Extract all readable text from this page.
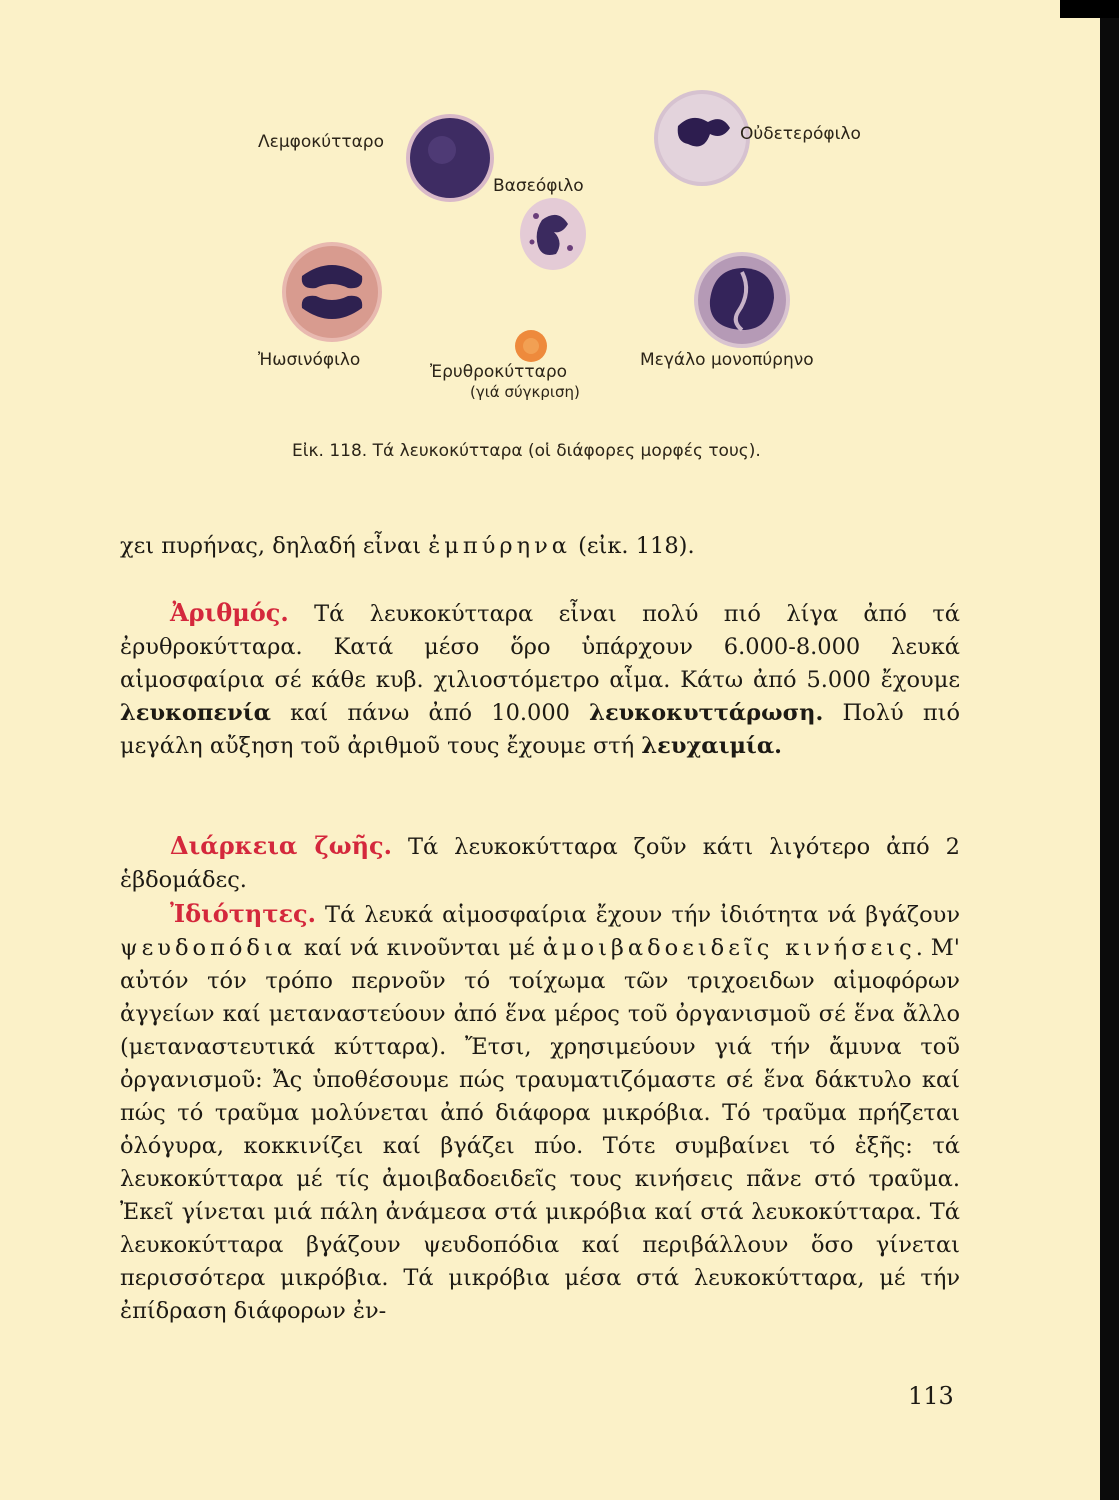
Λεμφοκύτταρο	Οὐδετερόφιλο
Βασεόφιλο
Ἠωσινόφιλο
Ἐρυθροκύτταρο
(γιά σύγκριση)
Μεγάλο μονοπύρηνο
Εἰκ. 118. Τά λευκοκύτταρα (οἱ διάφορες μορφές τους).

χει πυρήνας, δηλαδή εἶναι ἐμπύρηνα (εἰκ. 118).

Ἀριθμός. Τά λευκοκύτταρα εἶναι πολύ πιό λίγα ἀπό τά ἐρυθροκύτταρα. Κατά μέσο ὅρο ὑπάρχουν 6.000-8.000 λευκά αἱμοσφαίρια σέ κάθε κυβ. χιλιοστόμετρο αἷμα. Κάτω ἀπό 5.000 ἔχουμε λευκοπενία καί πάνω ἀπό 10.000 λευκοκυττάρωση. Πολύ πιό μεγάλη αὔξηση τοῦ ἀριθμοῦ τους ἔχουμε στή λευχαιμία.

Διάρκεια ζωῆς. Τά λευκοκύτταρα ζοῦν κάτι λιγότερο ἀπό 2 ἑβδομάδες.

Ἰδιότητες. Τά λευκά αἱμοσφαίρια ἔχουν τήν ἰδιότητα νά βγάζουν ψευδοπόδια καί νά κινοῦνται μέ ἀμοιβαδοειδεῖς κινήσεις. Μ' αὐτόν τόν τρόπο περνοῦν τό τοίχωμα τῶν τριχοειδων αἱμοφόρων ἀγγείων καί μεταναστεύουν ἀπό ἕνα μέρος τοῦ ὀργανισμοῦ σέ ἕνα ἄλλο (μεταναστευτικά κύτταρα). Ἔτσι, χρησιμεύουν γιά τήν ἄμυνα τοῦ ὀργανισμοῦ: Ἄς ὑποθέσουμε πώς τραυματιζόμαστε σέ ἕνα δάκτυλο καί πώς τό τραῦμα μολύνεται ἀπό διάφορα μικρόβια. Τό τραῦμα πρήζεται ὁλόγυρα, κοκκινίζει καί βγάζει πύο. Τότε συμβαίνει τό ἑξῆς: τά λευκοκύτταρα μέ τίς ἀμοιβαδοειδεῖς τους κινήσεις πᾶνε στό τραῦμα. Ἐκεῖ γίνεται μιά πάλη ἀνάμεσα στά μικρόβια καί στά λευκοκύτταρα. Τά λευκοκύτταρα βγάζουν ψευδοπόδια καί περιβάλλουν ὅσο γίνεται περισσότερα μικρόβια. Τά μικρόβια μέσα στά λευκοκύτταρα, μέ τήν ἐπίδραση διάφορων ἐν-

113
